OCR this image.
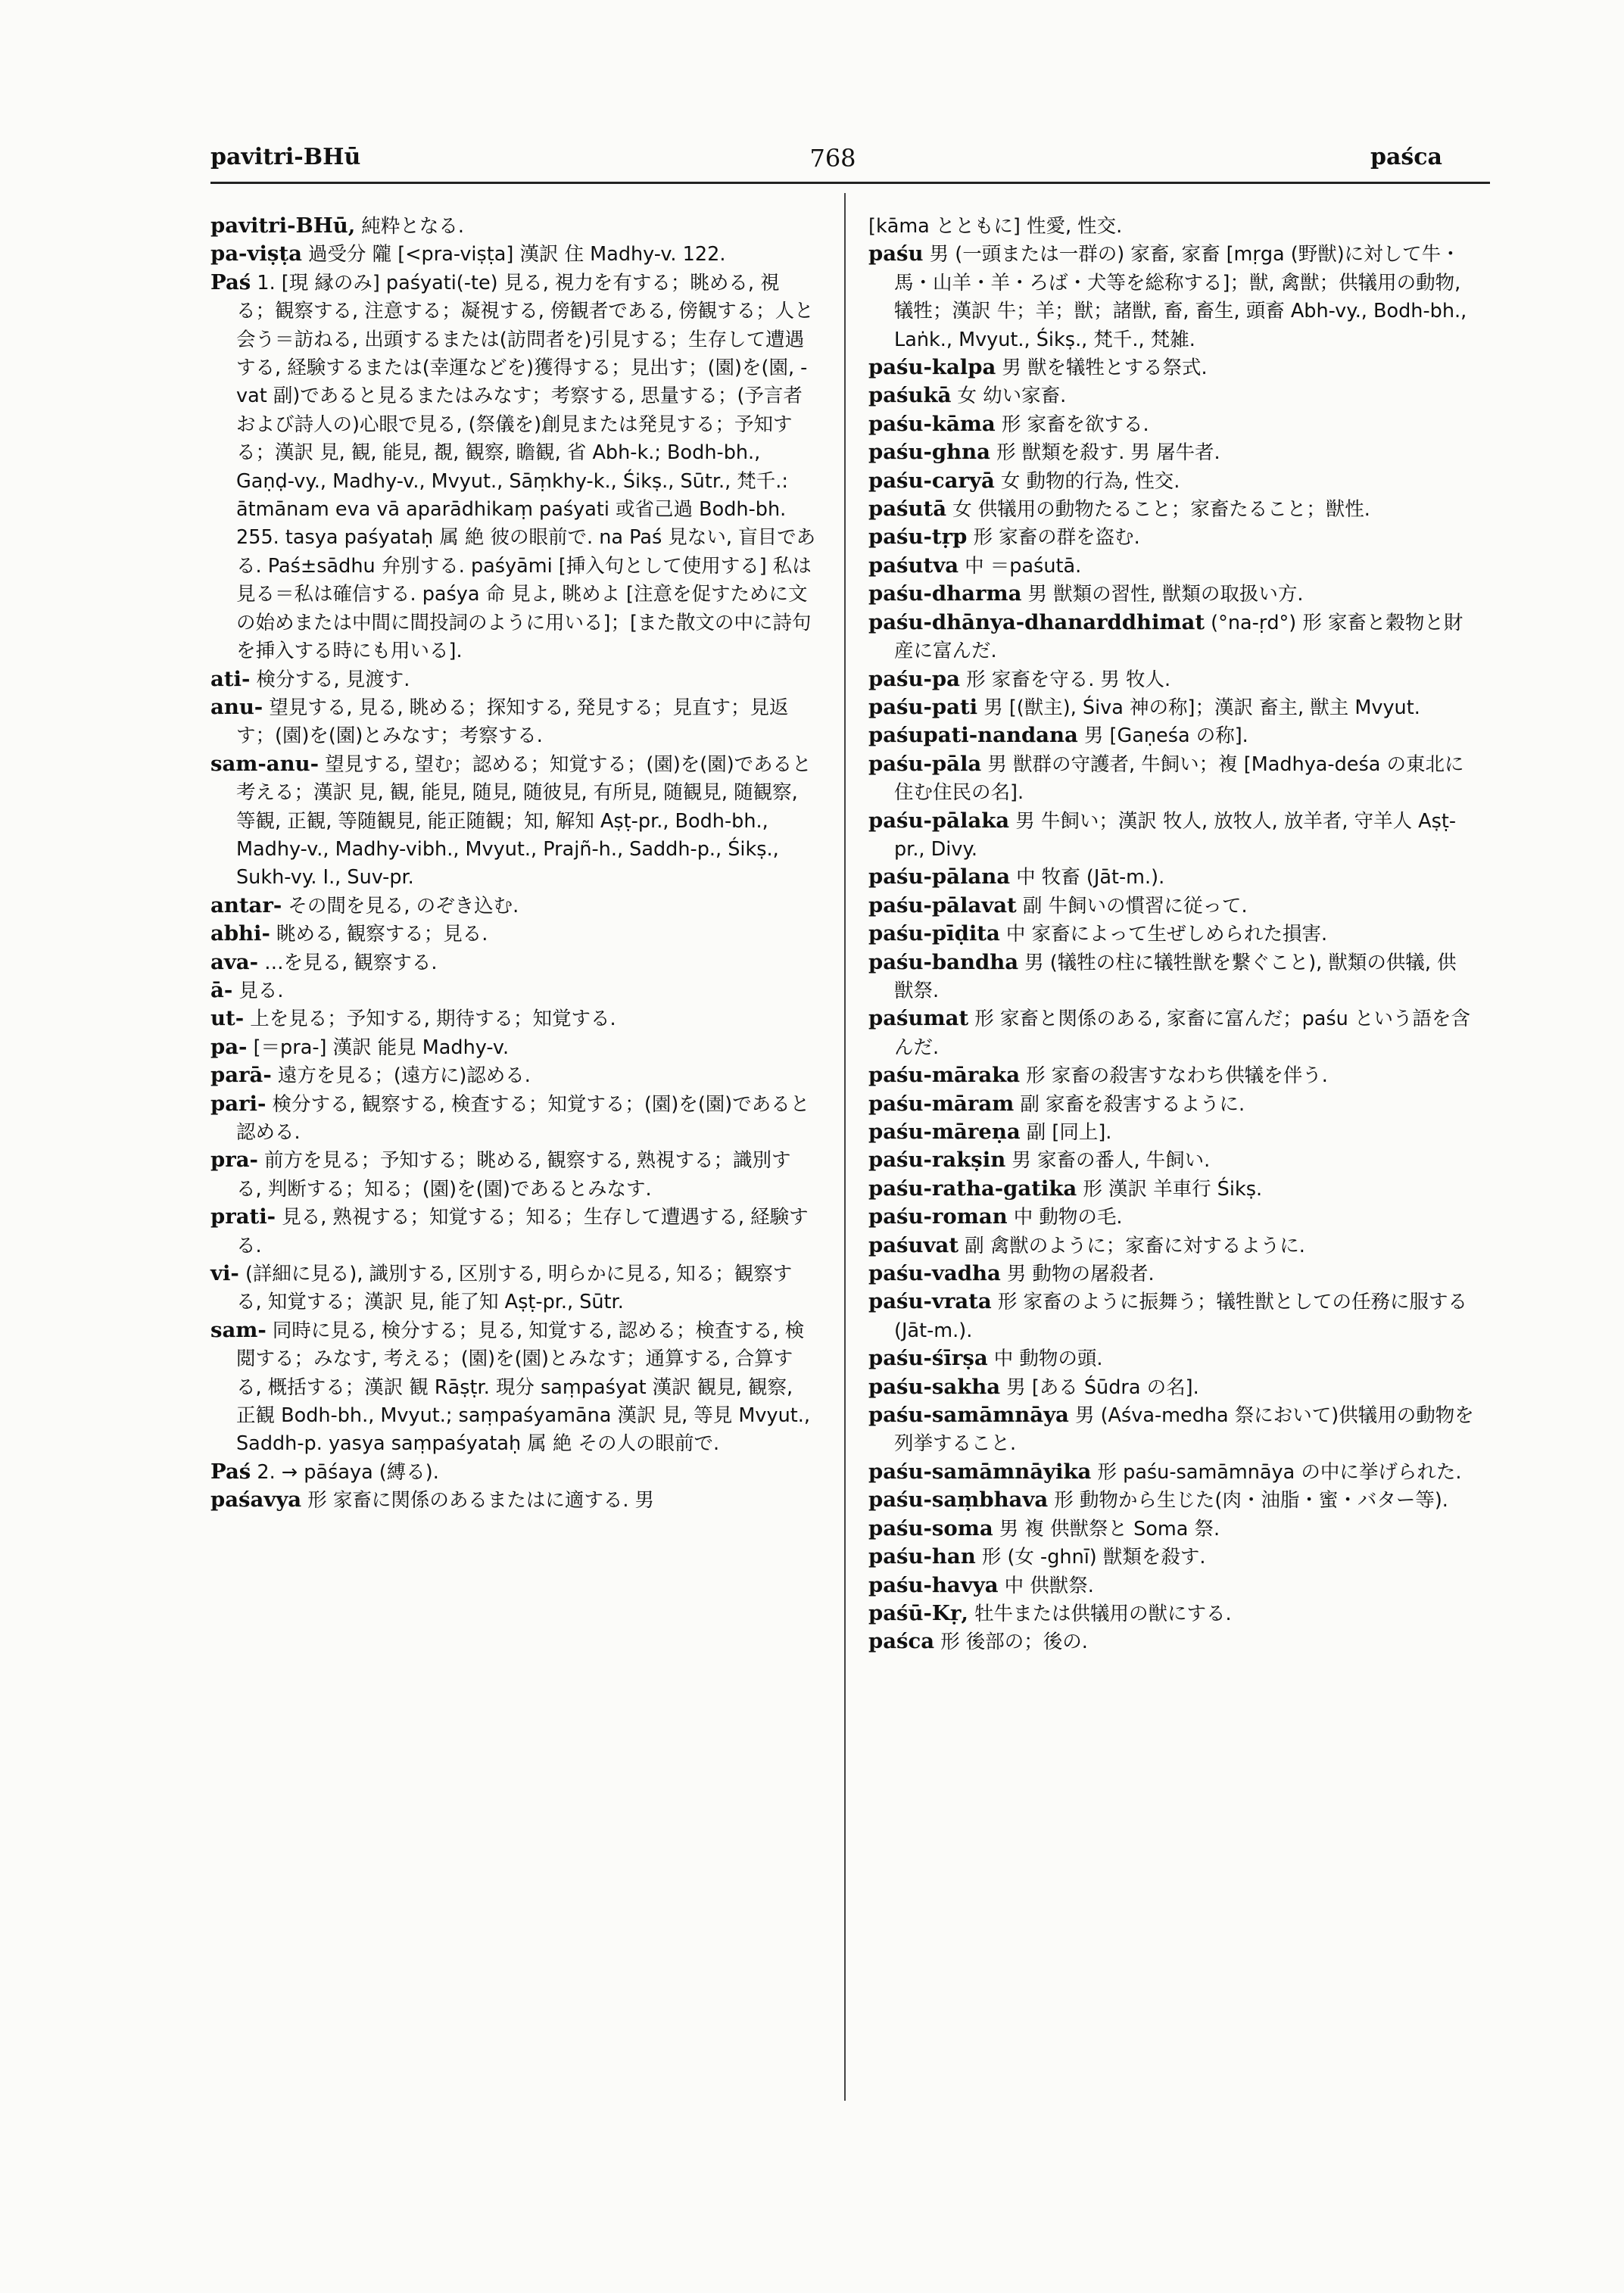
pavitri-BHū	768	paśca
pavitri-BHū, 純粋となる.
pa-viṣṭa 過受分 隴 [<pra-viṣṭa] 漢訳 住 Madhy-v. 122.
Paś 1. [現 縁のみ] paśyati(-te) 見る, 視力を有する；眺める, 視る；観察する, 注意する；凝視する, 傍観者である, 傍観する；人と会う＝訪ねる, 出頭するまたは(訪問者を)引見する；生存して遭遇する, 経験するまたは(幸運などを)獲得する；見出す；(園)を(園, -vat 副)であると見るまたはみなす；考察する, 思量する；(予言者および詩人の)心眼で見る, (祭儀を)創見または発見する；予知する；漢訳 見, 観, 能見, 覩, 観察, 瞻観, 省 Abh-k.; Bodh-bh., Gaṇḍ-vy., Madhy-v., Mvyut., Sāṃkhy-k., Śikṣ., Sūtr., 梵千.: ātmānam eva vā aparādhikaṃ paśyati 或省己過 Bodh-bh. 255. tasya paśyataḥ 属 絶 彼の眼前で. na Paś 見ない, 盲目である. Paś±sādhu 弁別する. paśyāmi [挿入句として使用する] 私は見る＝私は確信する. paśya 命 見よ, 眺めよ [注意を促すために文の始めまたは中間に間投詞のように用いる]；[また散文の中に詩句を挿入する時にも用いる].
ati- 検分する, 見渡す.
anu- 望見する, 見る, 眺める；探知する, 発見する；見直す；見返す；(園)を(園)とみなす；考察する.
sam-anu- 望見する, 望む；認める；知覚する；(園)を(園)であると考える；漢訳 見, 観, 能見, 随見, 随彼見, 有所見, 随観見, 随観察, 等観, 正観, 等随観見, 能正随観；知, 解知 Aṣṭ-pr., Bodh-bh., Madhy-v., Madhy-vibh., Mvyut., Prajñ-h., Saddh-p., Śikṣ., Sukh-vy. I., Suv-pr.
antar- その間を見る, のぞき込む.
abhi- 眺める, 観察する；見る.
ava- …を見る, 観察する.
ā- 見る.
ut- 上を見る；予知する, 期待する；知覚する.
pa- [＝pra-] 漢訳 能見 Madhy-v.
parā- 遠方を見る；(遠方に)認める.
pari- 検分する, 観察する, 検査する；知覚する；(園)を(園)であると認める.
pra- 前方を見る；予知する；眺める, 観察する, 熟視する；識別する, 判断する；知る；(園)を(園)であるとみなす.
prati- 見る, 熟視する；知覚する；知る；生存して遭遇する, 経験する.
vi- (詳細に見る), 識別する, 区別する, 明らかに見る, 知る；観察する, 知覚する；漢訳 見, 能了知 Aṣṭ-pr., Sūtr.
sam- 同時に見る, 検分する；見る, 知覚する, 認める；検査する, 検閲する；みなす, 考える；(園)を(園)とみなす；通算する, 合算する, 概括する；漢訳 観 Rāṣṭr. 現分 saṃpaśyat 漢訳 観見, 観察, 正観 Bodh-bh., Mvyut.; saṃpaśyamāna 漢訳 見, 等見 Mvyut., Saddh-p. yasya saṃpaśyataḥ 属 絶 その人の眼前で.
Paś 2. → pāśaya (縛る).
paśavya 形 家畜に関係のあるまたはに適する. 男
[kāma とともに] 性愛, 性交.
paśu 男 (一頭または一群の) 家畜, 家畜 [mṛga (野獣)に対して牛・馬・山羊・羊・ろば・犬等を総称する]；獣, 禽獣；供犠用の動物, 犠牲；漢訳 牛；羊；獣；諸獣, 畜, 畜生, 頭畜 Abh-vy., Bodh-bh., Laṅk., Mvyut., Śikṣ., 梵千., 梵雑.
paśu-kalpa 男 獣を犠牲とする祭式.
paśukā 女 幼い家畜.
paśu-kāma 形 家畜を欲する.
paśu-ghna 形 獣類を殺す. 男 屠牛者.
paśu-caryā 女 動物的行為, 性交.
paśutā 女 供犠用の動物たること；家畜たること；獣性.
paśu-tṛp 形 家畜の群を盗む.
paśutva 中 ＝paśutā.
paśu-dharma 男 獣類の習性, 獣類の取扱い方.
paśu-dhānya-dhanarddhimat (°na-ṛd°) 形 家畜と穀物と財産に富んだ.
paśu-pa 形 家畜を守る. 男 牧人.
paśu-pati 男 [(獣主), Śiva 神の称]；漢訳 畜主, 獣主 Mvyut.
paśupati-nandana 男 [Gaṇeśa の称].
paśu-pāla 男 獣群の守護者, 牛飼い；複 [Madhya-deśa の東北に住む住民の名].
paśu-pālaka 男 牛飼い；漢訳 牧人, 放牧人, 放羊者, 守羊人 Aṣṭ-pr., Divy.
paśu-pālana 中 牧畜 (Jāt-m.).
paśu-pālavat 副 牛飼いの慣習に従って.
paśu-pīḍita 中 家畜によって生ぜしめられた損害.
paśu-bandha 男 (犠牲の柱に犠牲獣を繋ぐこと), 獣類の供犠, 供獣祭.
paśumat 形 家畜と関係のある, 家畜に富んだ；paśu という語を含んだ.
paśu-māraka 形 家畜の殺害すなわち供犠を伴う.
paśu-māram 副 家畜を殺害するように.
paśu-māreṇa 副 [同上].
paśu-rakṣin 男 家畜の番人, 牛飼い.
paśu-ratha-gatika 形 漢訳 羊車行 Śikṣ.
paśu-roman 中 動物の毛.
paśuvat 副 禽獣のように；家畜に対するように.
paśu-vadha 男 動物の屠殺者.
paśu-vrata 形 家畜のように振舞う；犠牲獣としての任務に服する (Jāt-m.).
paśu-śīrṣa 中 動物の頭.
paśu-sakha 男 [ある Śūdra の名].
paśu-samāmnāya 男 (Aśva-medha 祭において)供犠用の動物を列挙すること.
paśu-samāmnāyika 形 paśu-samāmnāya の中に挙げられた.
paśu-saṃbhava 形 動物から生じた(肉・油脂・蜜・バター等).
paśu-soma 男 複 供獣祭と Soma 祭.
paśu-han 形 (女 -ghnī) 獣類を殺す.
paśu-havya 中 供獣祭.
paśū-Kṛ, 牡牛または供犠用の獣にする.
paśca 形 後部の；後の.
